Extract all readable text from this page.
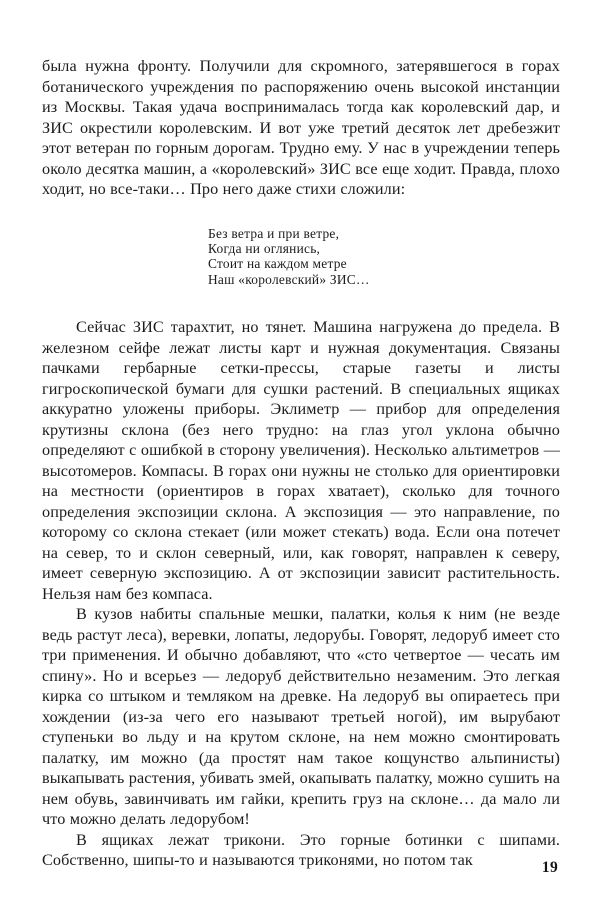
была нужна фронту. Получили для скромного, затерявшегося в горах ботанического учреждения по распоряжению очень высокой инстанции из Москвы. Такая удача воспринималась тогда как королевский дар, и ЗИС окрестили королевским. И вот уже третий десяток лет дребезжит этот ветеран по горным дорогам. Трудно ему. У нас в учреждении теперь около десятка машин, а «королевский» ЗИС все еще ходит. Правда, плохо ходит, но все-таки… Про него даже стихи сложили:

Без ветра и при ветре,
Когда ни оглянись,
Стоит на каждом метре
Наш «королевский» ЗИС…

Сейчас ЗИС тарахтит, но тянет. Машина нагружена до предела. В железном сейфе лежат листы карт и нужная документация. Связаны пачками гербарные сетки-прессы, старые газеты и листы гигроскопической бумаги для сушки растений. В специальных ящиках аккуратно уложены приборы. Эклиметр — прибор для определения крутизны склона (без него трудно: на глаз угол уклона обычно определяют с ошибкой в сторону увеличения). Несколько альтиметров — высотомеров. Компасы. В горах они нужны не столько для ориентировки на местности (ориентиров в горах хватает), сколько для точного определения экспозиции склона. А экспозиция — это направление, по которому со склона стекает (или может стекать) вода. Если она потечет на север, то и склон северный, или, как говорят, направлен к северу, имеет северную экспозицию. А от экспозиции зависит растительность. Нельзя нам без компаса.

В кузов набиты спальные мешки, палатки, колья к ним (не везде ведь растут леса), веревки, лопаты, ледорубы. Говорят, ледоруб имеет сто три применения. И обычно добавляют, что «сто четвертое — чесать им спину». Но и всерьез — ледоруб действительно незаменим. Это легкая кирка со штыком и темляком на древке. На ледоруб вы опираетесь при хождении (из-за чего его называют третьей ногой), им вырубают ступеньки во льду и на крутом склоне, на нем можно смонтировать палатку, им можно (да простят нам такое кощунство альпинисты) выкапывать растения, убивать змей, окапывать палатку, можно сушить на нем обувь, завинчивать им гайки, крепить груз на склоне… да мало ли что можно делать ледорубом!

В ящиках лежат трикони. Это горные ботинки с шипами. Собственно, шипы-то и называются триконями, но потом так	19
